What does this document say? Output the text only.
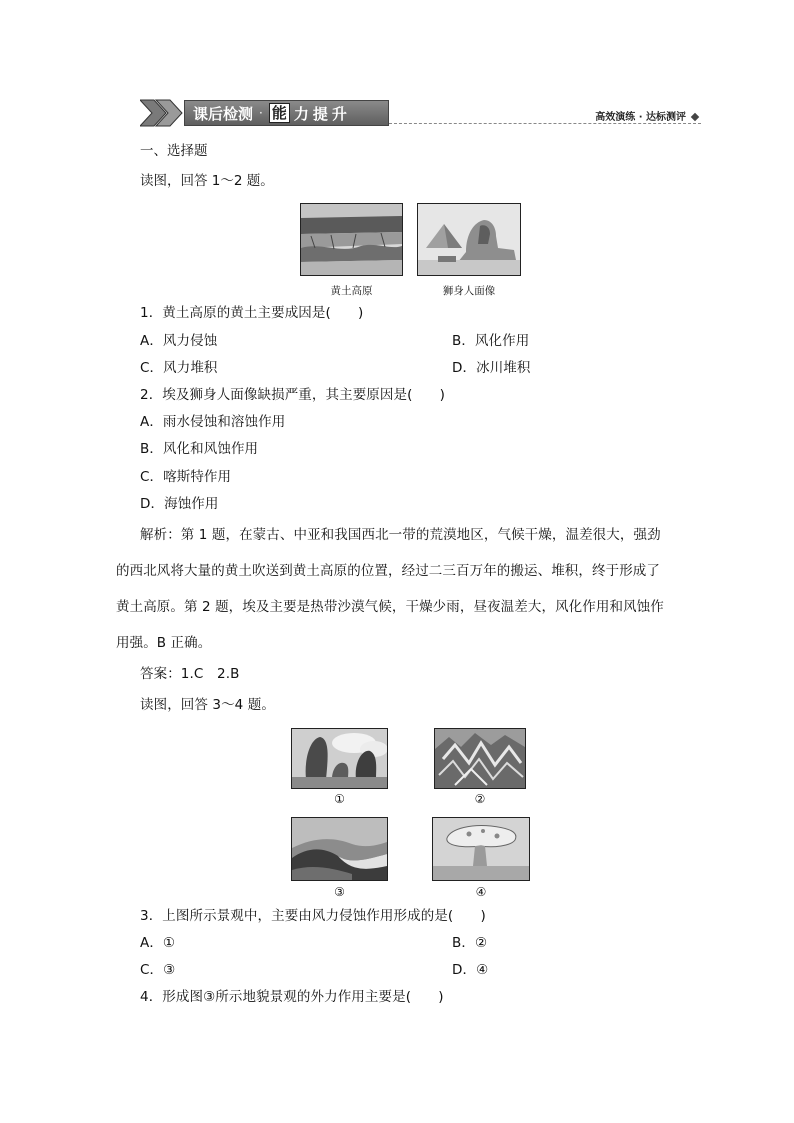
课后检测 · 能 力 提 升	高效演练 · 达标测评
一、选择题
读图，回答 1～2 题。
黄土高原	狮身人面像
1．黄土高原的黄土主要成因是(　　)
A．风力侵蚀	B．风化作用
C．风力堆积	D．冰川堆积
2．埃及狮身人面像缺损严重，其主要原因是(　　)
A．雨水侵蚀和溶蚀作用
B．风化和风蚀作用
C．喀斯特作用
D．海蚀作用
解析：第 1 题，在蒙古、中亚和我国西北一带的荒漠地区，气候干燥，温差很大，强劲
的西北风将大量的黄土吹送到黄土高原的位置，经过二三百万年的搬运、堆积，终于形成了
黄土高原。第 2 题，埃及主要是热带沙漠气候，干燥少雨，昼夜温差大，风化作用和风蚀作
用强。B 正确。
答案：1.C　2.B
读图，回答 3～4 题。
①	②
③	④
3．上图所示景观中，主要由风力侵蚀作用形成的是(　　)
A．①	B．②
C．③	D．④
4．形成图③所示地貌景观的外力作用主要是(　　)
